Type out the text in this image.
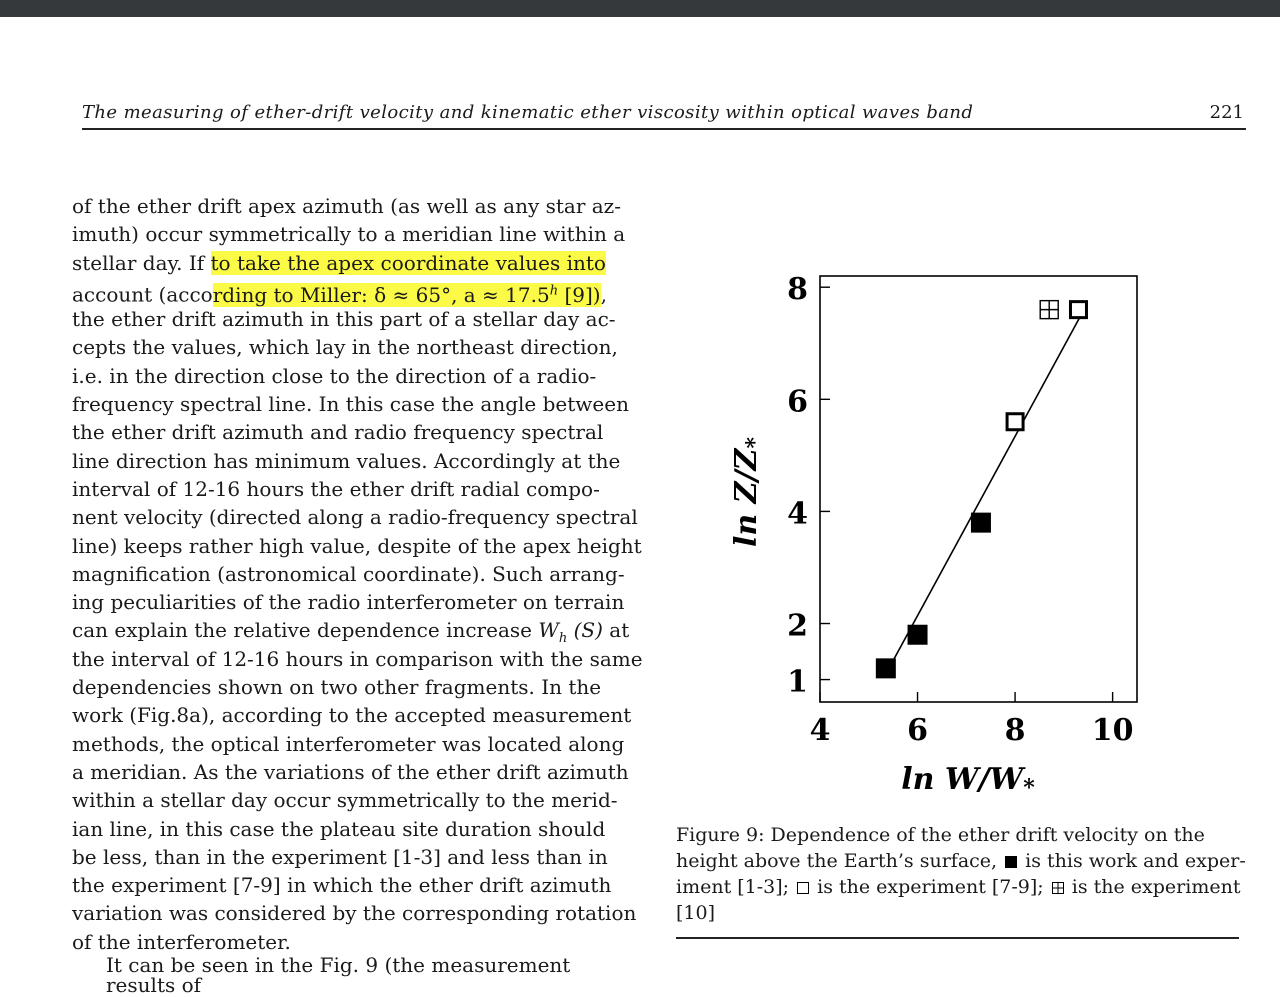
The measuring of ether-drift velocity and kinematic ether viscosity within optical waves band	221
of the ether drift apex azimuth (as well as any star az-
imuth) occur symmetrically to a meridian line within a
stellar day. If to take the apex coordinate values into
account (according to Miller: δ ≈ 65°, a ≈ 17.5$^h$ [9]),
the ether drift azimuth in this part of a stellar day ac-
cepts the values, which lay in the northeast direction,
i.e. in the direction close to the direction of a radio-
frequency spectral line. In this case the angle between
the ether drift azimuth and radio frequency spectral
line direction has minimum values. Accordingly at the
interval of 12-16 hours the ether drift radial compo-
nent velocity (directed along a radio-frequency spectral
line) keeps rather high value, despite of the apex height
magnification (astronomical coordinate). Such arrang-
ing peculiarities of the radio interferometer on terrain
can explain the relative dependence increase $W_h$ (S) at
the interval of 12-16 hours in comparison with the same
dependencies shown on two other fragments. In the
work (Fig.8a), according to the accepted measurement
methods, the optical interferometer was located along
a meridian. As the variations of the ether drift azimuth
within a stellar day occur symmetrically to the merid-
ian line, in this case the plateau site duration should
be less, than in the experiment [1-3] and less than in
the experiment [7-9] in which the ether drift azimuth
variation was considered by the corresponding rotation
of the interferometer.
It can be seen in the Fig. 9 (the measurement results of
4	6	8 10
1
2
4
6
8
$\ln W/W_*$
$\ln Z/Z_*$
Figure 9: Dependence of the ether drift velocity on the
height above the Earth’s surface,  is this work and exper-
iment [1-3];  is the experiment [7-9];  is the experiment
[10]
